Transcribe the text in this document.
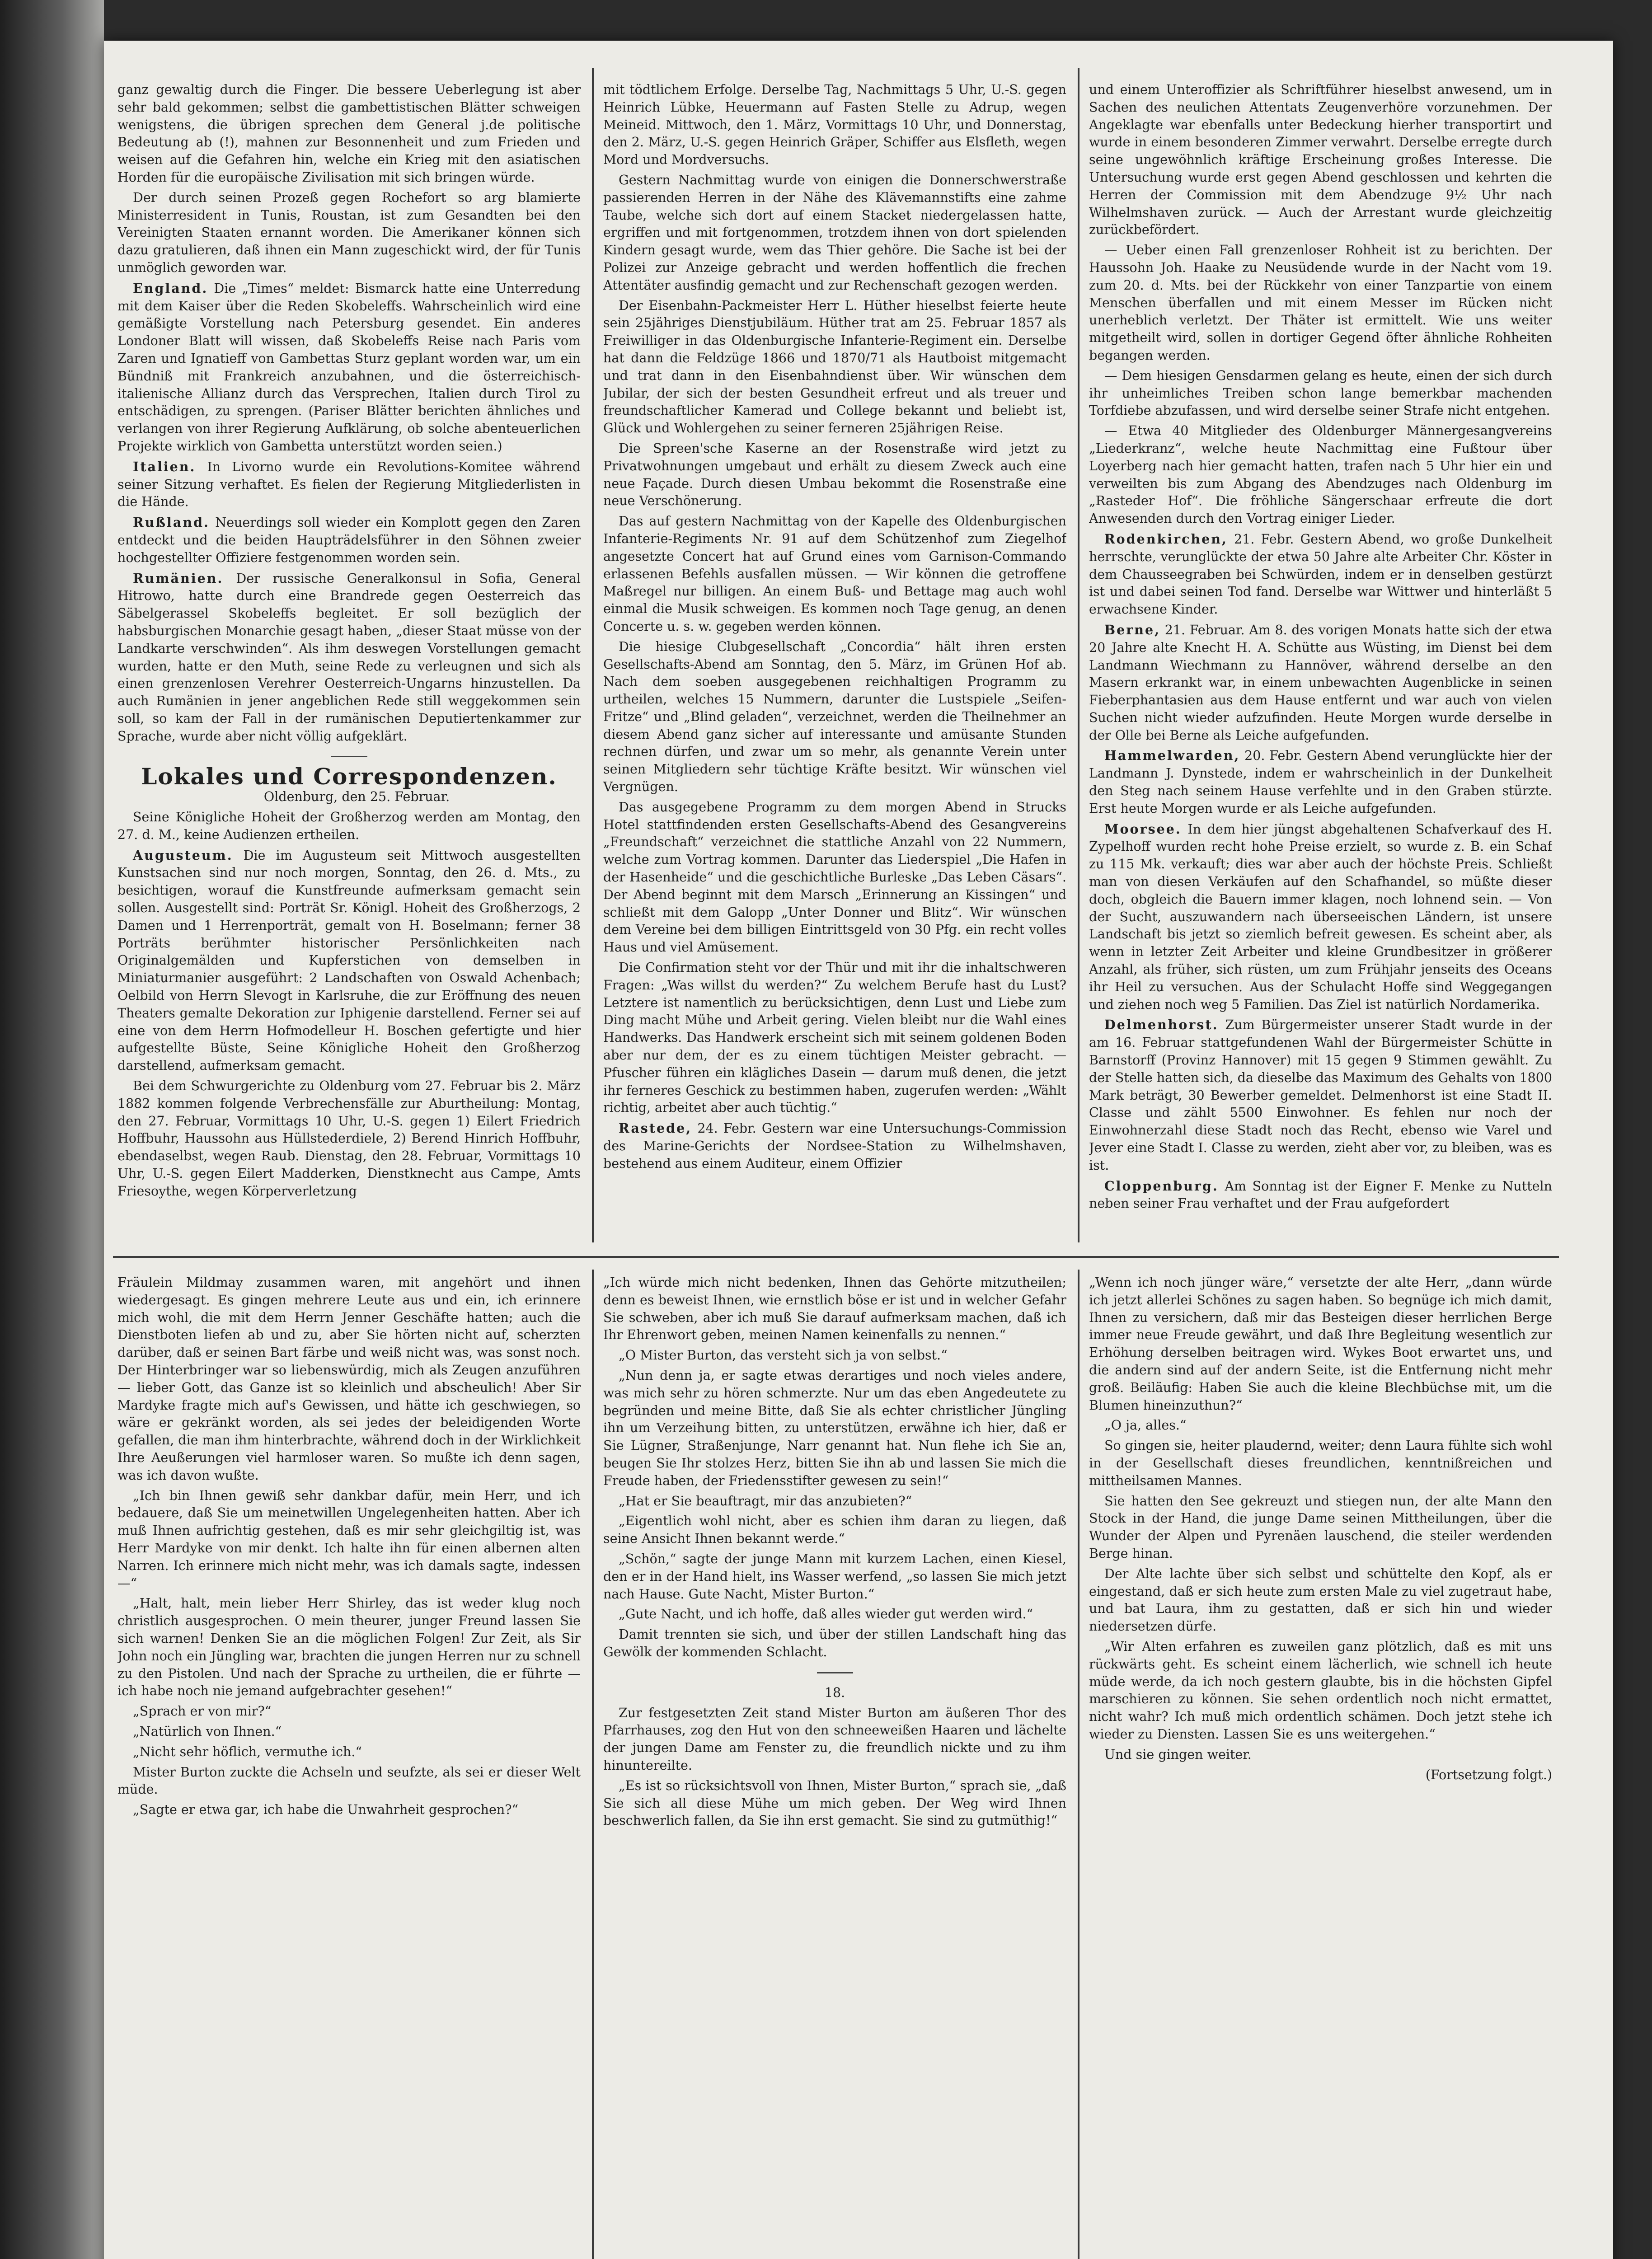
ganz gewaltig durch die Finger. Die bessere Ueberlegung ist aber sehr bald gekommen; selbst die gambettistischen Blätter schweigen wenigstens, die übrigen sprechen dem General j.de politische Bedeutung ab (!), mahnen zur Besonnenheit und zum Frieden und weisen auf die Gefahren hin, welche ein Krieg mit den asiatischen Horden für die europäische Zivilisation mit sich bringen würde.

Der durch seinen Prozeß gegen Rochefort so arg blamierte Ministerresident in Tunis, Roustan, ist zum Gesandten bei den Vereinigten Staaten ernannt worden. Die Amerikaner können sich dazu gratulieren, daß ihnen ein Mann zugeschickt wird, der für Tunis unmöglich geworden war.

England. Die „Times“ meldet: Bismarck hatte eine Unterredung mit dem Kaiser über die Reden Skobeleffs. Wahrscheinlich wird eine gemäßigte Vorstellung nach Petersburg gesendet. Ein anderes Londoner Blatt will wissen, daß Skobeleffs Reise nach Paris vom Zaren und Ignatieff von Gambettas Sturz geplant worden war, um ein Bündniß mit Frankreich anzubahnen, und die österreichisch-italienische Allianz durch das Versprechen, Italien durch Tirol zu entschädigen, zu sprengen. (Pariser Blätter berichten ähnliches und verlangen von ihrer Regierung Aufklärung, ob solche abenteuerlichen Projekte wirklich von Gambetta unterstützt worden seien.)

Italien. In Livorno wurde ein Revolutions-Komitee während seiner Sitzung verhaftet. Es fielen der Regierung Mitgliederlisten in die Hände.

Rußland. Neuerdings soll wieder ein Komplott gegen den Zaren entdeckt und die beiden Haupträdelsführer in den Söhnen zweier hochgestellter Offiziere festgenommen worden sein.

Rumänien. Der russische Generalkonsul in Sofia, General Hitrowo, hatte durch eine Brandrede gegen Oesterreich das Säbelgerassel Skobeleffs begleitet. Er soll bezüglich der habsburgischen Monarchie gesagt haben, „dieser Staat müsse von der Landkarte verschwinden“. Als ihm deswegen Vorstellungen gemacht wurden, hatte er den Muth, seine Rede zu verleugnen und sich als einen grenzenlosen Verehrer Oesterreich-Ungarns hinzustellen. Da auch Rumänien in jener angeblichen Rede still weggekommen sein soll, so kam der Fall in der rumänischen Deputiertenkammer zur Sprache, wurde aber nicht völlig aufgeklärt.

Lokales und Correspondenzen.

Oldenburg, den 25. Februar.

Seine Königliche Hoheit der Großherzog werden am Montag, den 27. d. M., keine Audienzen ertheilen.

Augusteum. Die im Augusteum seit Mittwoch ausgestellten Kunstsachen sind nur noch morgen, Sonntag, den 26. d. Mts., zu besichtigen, worauf die Kunstfreunde aufmerksam gemacht sein sollen. Ausgestellt sind: Porträt Sr. Königl. Hoheit des Großherzogs, 2 Damen und 1 Herrenporträt, gemalt von H. Boselmann; ferner 38 Porträts berühmter historischer Persönlichkeiten nach Originalgemälden und Kupferstichen von demselben in Miniaturmanier ausgeführt: 2 Landschaften von Oswald Achenbach; Oelbild von Herrn Slevogt in Karlsruhe, die zur Eröffnung des neuen Theaters gemalte Dekoration zur Iphigenie darstellend. Ferner sei auf eine von dem Herrn Hofmodelleur H. Boschen gefertigte und hier aufgestellte Büste, Seine Königliche Hoheit den Großherzog darstellend, aufmerksam gemacht.

Bei dem Schwurgerichte zu Oldenburg vom 27. Februar bis 2. März 1882 kommen folgende Verbrechensfälle zur Aburtheilung: Montag, den 27. Februar, Vormittags 10 Uhr, U.-S. gegen 1) Eilert Friedrich Hoffbuhr, Haussohn aus Hüllstederdiele, 2) Berend Hinrich Hoffbuhr, ebendaselbst, wegen Raub. Dienstag, den 28. Februar, Vormittags 10 Uhr, U.-S. gegen Eilert Madderken, Dienstknecht aus Campe, Amts Friesoythe, wegen Körperverletzung

mit tödtlichem Erfolge. Derselbe Tag, Nachmittags 5 Uhr, U.-S. gegen Heinrich Lübke, Heuermann auf Fasten Stelle zu Adrup, wegen Meineid. Mittwoch, den 1. März, Vormittags 10 Uhr, und Donnerstag, den 2. März, U.-S. gegen Heinrich Gräper, Schiffer aus Elsfleth, wegen Mord und Mordversuchs.

Gestern Nachmittag wurde von einigen die Donnerschwerstraße passierenden Herren in der Nähe des Klävemannstifts eine zahme Taube, welche sich dort auf einem Stacket niedergelassen hatte, ergriffen und mit fortgenommen, trotzdem ihnen von dort spielenden Kindern gesagt wurde, wem das Thier gehöre. Die Sache ist bei der Polizei zur Anzeige gebracht und werden hoffentlich die frechen Attentäter ausfindig gemacht und zur Rechenschaft gezogen werden.

Der Eisenbahn-Packmeister Herr L. Hüther hieselbst feierte heute sein 25jähriges Dienstjubiläum. Hüther trat am 25. Februar 1857 als Freiwilliger in das Oldenburgische Infanterie-Regiment ein. Derselbe hat dann die Feldzüge 1866 und 1870/71 als Hautboist mitgemacht und trat dann in den Eisenbahndienst über. Wir wünschen dem Jubilar, der sich der besten Gesundheit erfreut und als treuer und freundschaftlicher Kamerad und College bekannt und beliebt ist, Glück und Wohlergehen zu seiner ferneren 25jährigen Reise.

Die Spreen'sche Kaserne an der Rosenstraße wird jetzt zu Privatwohnungen umgebaut und erhält zu diesem Zweck auch eine neue Façade. Durch diesen Umbau bekommt die Rosenstraße eine neue Verschönerung.

Das auf gestern Nachmittag von der Kapelle des Oldenburgischen Infanterie-Regiments Nr. 91 auf dem Schützenhof zum Ziegelhof angesetzte Concert hat auf Grund eines vom Garnison-Commando erlassenen Befehls ausfallen müssen. — Wir können die getroffene Maßregel nur billigen. An einem Buß- und Bettage mag auch wohl einmal die Musik schweigen. Es kommen noch Tage genug, an denen Concerte u. s. w. gegeben werden können.

Die hiesige Clubgesellschaft „Concordia“ hält ihren ersten Gesellschafts-Abend am Sonntag, den 5. März, im Grünen Hof ab. Nach dem soeben ausgegebenen reichhaltigen Programm zu urtheilen, welches 15 Nummern, darunter die Lustspiele „Seifen-Fritze“ und „Blind geladen“, verzeichnet, werden die Theilnehmer an diesem Abend ganz sicher auf interessante und amüsante Stunden rechnen dürfen, und zwar um so mehr, als genannte Verein unter seinen Mitgliedern sehr tüchtige Kräfte besitzt. Wir wünschen viel Vergnügen.

Das ausgegebene Programm zu dem morgen Abend in Strucks Hotel stattfindenden ersten Gesellschafts-Abend des Gesangvereins „Freundschaft“ verzeichnet die stattliche Anzahl von 22 Nummern, welche zum Vortrag kommen. Darunter das Liederspiel „Die Hafen in der Hasenheide“ und die geschichtliche Burleske „Das Leben Cäsars“. Der Abend beginnt mit dem Marsch „Erinnerung an Kissingen“ und schließt mit dem Galopp „Unter Donner und Blitz“. Wir wünschen dem Vereine bei dem billigen Eintrittsgeld von 30 Pfg. ein recht volles Haus und viel Amüsement.

Die Confirmation steht vor der Thür und mit ihr die inhaltschweren Fragen: „Was willst du werden?“ Zu welchem Berufe hast du Lust? Letztere ist namentlich zu berücksichtigen, denn Lust und Liebe zum Ding macht Mühe und Arbeit gering. Vielen bleibt nur die Wahl eines Handwerks. Das Handwerk erscheint sich mit seinem goldenen Boden aber nur dem, der es zu einem tüchtigen Meister gebracht. — Pfuscher führen ein klägliches Dasein — darum muß denen, die jetzt ihr ferneres Geschick zu bestimmen haben, zugerufen werden: „Wählt richtig, arbeitet aber auch tüchtig.“

Rastede, 24. Febr. Gestern war eine Untersuchungs-Commission des Marine-Gerichts der Nordsee-Station zu Wilhelmshaven, bestehend aus einem Auditeur, einem Offizier

und einem Unteroffizier als Schriftführer hieselbst anwesend, um in Sachen des neulichen Attentats Zeugenverhöre vorzunehmen. Der Angeklagte war ebenfalls unter Bedeckung hierher transportirt und wurde in einem besonderen Zimmer verwahrt. Derselbe erregte durch seine ungewöhnlich kräftige Erscheinung großes Interesse. Die Untersuchung wurde erst gegen Abend geschlossen und kehrten die Herren der Commission mit dem Abendzuge 9½ Uhr nach Wilhelmshaven zurück. — Auch der Arrestant wurde gleichzeitig zurückbefördert.

— Ueber einen Fall grenzenloser Rohheit ist zu berichten. Der Haussohn Joh. Haake zu Neusüdende wurde in der Nacht vom 19. zum 20. d. Mts. bei der Rückkehr von einer Tanzpartie von einem Menschen überfallen und mit einem Messer im Rücken nicht unerheblich verletzt. Der Thäter ist ermittelt. Wie uns weiter mitgetheilt wird, sollen in dortiger Gegend öfter ähnliche Rohheiten begangen werden.

— Dem hiesigen Gensdarmen gelang es heute, einen der sich durch ihr unheimliches Treiben schon lange bemerkbar machenden Torfdiebe abzufassen, und wird derselbe seiner Strafe nicht entgehen.

— Etwa 40 Mitglieder des Oldenburger Männergesangvereins „Liederkranz“, welche heute Nachmittag eine Fußtour über Loyerberg nach hier gemacht hatten, trafen nach 5 Uhr hier ein und verweilten bis zum Abgang des Abendzuges nach Oldenburg im „Rasteder Hof“. Die fröhliche Sängerschaar erfreute die dort Anwesenden durch den Vortrag einiger Lieder.

Rodenkirchen, 21. Febr. Gestern Abend, wo große Dunkelheit herrschte, verunglückte der etwa 50 Jahre alte Arbeiter Chr. Köster in dem Chausseegraben bei Schwürden, indem er in denselben gestürzt ist und dabei seinen Tod fand. Derselbe war Wittwer und hinterläßt 5 erwachsene Kinder.

Berne, 21. Februar. Am 8. des vorigen Monats hatte sich der etwa 20 Jahre alte Knecht H. A. Schütte aus Wüsting, im Dienst bei dem Landmann Wiechmann zu Hannöver, während derselbe an den Masern erkrankt war, in einem unbewachten Augenblicke in seinen Fieberphantasien aus dem Hause entfernt und war auch von vielen Suchen nicht wieder aufzufinden. Heute Morgen wurde derselbe in der Olle bei Berne als Leiche aufgefunden.

Hammelwarden, 20. Febr. Gestern Abend verunglückte hier der Landmann J. Dynstede, indem er wahrscheinlich in der Dunkelheit den Steg nach seinem Hause verfehlte und in den Graben stürzte. Erst heute Morgen wurde er als Leiche aufgefunden.

Moorsee. In dem hier jüngst abgehaltenen Schafverkauf des H. Zypelhoff wurden recht hohe Preise erzielt, so wurde z. B. ein Schaf zu 115 Mk. verkauft; dies war aber auch der höchste Preis. Schließt man von diesen Verkäufen auf den Schafhandel, so müßte dieser doch, obgleich die Bauern immer klagen, noch lohnend sein. — Von der Sucht, auszuwandern nach überseeischen Ländern, ist unsere Landschaft bis jetzt so ziemlich befreit gewesen. Es scheint aber, als wenn in letzter Zeit Arbeiter und kleine Grundbesitzer in größerer Anzahl, als früher, sich rüsten, um zum Frühjahr jenseits des Oceans ihr Heil zu versuchen. Aus der Schulacht Hoffe sind Weggegangen und ziehen noch weg 5 Familien. Das Ziel ist natürlich Nordamerika.

Delmenhorst. Zum Bürgermeister unserer Stadt wurde in der am 16. Februar stattgefundenen Wahl der Bürgermeister Schütte in Barnstorff (Provinz Hannover) mit 15 gegen 9 Stimmen gewählt. Zu der Stelle hatten sich, da dieselbe das Maximum des Gehalts von 1800 Mark beträgt, 30 Bewerber gemeldet. Delmenhorst ist eine Stadt II. Classe und zählt 5500 Einwohner. Es fehlen nur noch der Einwohnerzahl diese Stadt noch das Recht, ebenso wie Varel und Jever eine Stadt I. Classe zu werden, zieht aber vor, zu bleiben, was es ist.

Cloppenburg. Am Sonntag ist der Eigner F. Menke zu Nutteln neben seiner Frau verhaftet und der Frau aufgefordert

Fräulein Mildmay zusammen waren, mit angehört und ihnen wiedergesagt. Es gingen mehrere Leute aus und ein, ich erinnere mich wohl, die mit dem Herrn Jenner Geschäfte hatten; auch die Dienstboten liefen ab und zu, aber Sie hörten nicht auf, scherzten darüber, daß er seinen Bart färbe und weiß nicht was, was sonst noch. Der Hinterbringer war so liebenswürdig, mich als Zeugen anzuführen — lieber Gott, das Ganze ist so kleinlich und abscheulich! Aber Sir Mardyke fragte mich auf's Gewissen, und hätte ich geschwiegen, so wäre er gekränkt worden, als sei jedes der beleidigenden Worte gefallen, die man ihm hinterbrachte, während doch in der Wirklichkeit Ihre Aeußerungen viel harmloser waren. So mußte ich denn sagen, was ich davon wußte.

„Ich bin Ihnen gewiß sehr dankbar dafür, mein Herr, und ich bedauere, daß Sie um meinetwillen Ungelegenheiten hatten. Aber ich muß Ihnen aufrichtig gestehen, daß es mir sehr gleichgiltig ist, was Herr Mardyke von mir denkt. Ich halte ihn für einen albernen alten Narren. Ich erinnere mich nicht mehr, was ich damals sagte, indessen —“

„Halt, halt, mein lieber Herr Shirley, das ist weder klug noch christlich ausgesprochen. O mein theurer, junger Freund lassen Sie sich warnen! Denken Sie an die möglichen Folgen! Zur Zeit, als Sir John noch ein Jüngling war, brachten die jungen Herren nur zu schnell zu den Pistolen. Und nach der Sprache zu urtheilen, die er führte — ich habe noch nie jemand aufgebrachter gesehen!“

„Sprach er von mir?“

„Natürlich von Ihnen.“

„Nicht sehr höflich, vermuthe ich.“

Mister Burton zuckte die Achseln und seufzte, als sei er dieser Welt müde.

„Sagte er etwa gar, ich habe die Unwahrheit gesprochen?“

„Ich würde mich nicht bedenken, Ihnen das Gehörte mitzutheilen; denn es beweist Ihnen, wie ernstlich böse er ist und in welcher Gefahr Sie schweben, aber ich muß Sie darauf aufmerksam machen, daß ich Ihr Ehrenwort geben, meinen Namen keinenfalls zu nennen.“

„O Mister Burton, das versteht sich ja von selbst.“

„Nun denn ja, er sagte etwas derartiges und noch vieles andere, was mich sehr zu hören schmerzte. Nur um das eben Angedeutete zu begründen und meine Bitte, daß Sie als echter christlicher Jüngling ihn um Verzeihung bitten, zu unterstützen, erwähne ich hier, daß er Sie Lügner, Straßenjunge, Narr genannt hat. Nun flehe ich Sie an, beugen Sie Ihr stolzes Herz, bitten Sie ihn ab und lassen Sie mich die Freude haben, der Friedensstifter gewesen zu sein!“

„Hat er Sie beauftragt, mir das anzubieten?“

„Eigentlich wohl nicht, aber es schien ihm daran zu liegen, daß seine Ansicht Ihnen bekannt werde.“

„Schön,“ sagte der junge Mann mit kurzem Lachen, einen Kiesel, den er in der Hand hielt, ins Wasser werfend, „so lassen Sie mich jetzt nach Hause. Gute Nacht, Mister Burton.“

„Gute Nacht, und ich hoffe, daß alles wieder gut werden wird.“

Damit trennten sie sich, und über der stillen Landschaft hing das Gewölk der kommenden Schlacht.

18.

Zur festgesetzten Zeit stand Mister Burton am äußeren Thor des Pfarrhauses, zog den Hut von den schneeweißen Haaren und lächelte der jungen Dame am Fenster zu, die freundlich nickte und zu ihm hinuntereilte.

„Es ist so rücksichtsvoll von Ihnen, Mister Burton,“ sprach sie, „daß Sie sich all diese Mühe um mich geben. Der Weg wird Ihnen beschwerlich fallen, da Sie ihn erst gemacht. Sie sind zu gutmüthig!“

„Wenn ich noch jünger wäre,“ versetzte der alte Herr, „dann würde ich jetzt allerlei Schönes zu sagen haben. So begnüge ich mich damit, Ihnen zu versichern, daß mir das Besteigen dieser herrlichen Berge immer neue Freude gewährt, und daß Ihre Begleitung wesentlich zur Erhöhung derselben beitragen wird. Wykes Boot erwartet uns, und die andern sind auf der andern Seite, ist die Entfernung nicht mehr groß. Beiläufig: Haben Sie auch die kleine Blechbüchse mit, um die Blumen hineinzuthun?“

„O ja, alles.“

So gingen sie, heiter plaudernd, weiter; denn Laura fühlte sich wohl in der Gesellschaft dieses freundlichen, kenntnißreichen und mittheilsamen Mannes.

Sie hatten den See gekreuzt und stiegen nun, der alte Mann den Stock in der Hand, die junge Dame seinen Mittheilungen, über die Wunder der Alpen und Pyrenäen lauschend, die steiler werdenden Berge hinan.

Der Alte lachte über sich selbst und schüttelte den Kopf, als er eingestand, daß er sich heute zum ersten Male zu viel zugetraut habe, und bat Laura, ihm zu gestatten, daß er sich hin und wieder niedersetzen dürfe.

„Wir Alten erfahren es zuweilen ganz plötzlich, daß es mit uns rückwärts geht. Es scheint einem lächerlich, wie schnell ich heute müde werde, da ich noch gestern glaubte, bis in die höchsten Gipfel marschieren zu können. Sie sehen ordentlich noch nicht ermattet, nicht wahr? Ich muß mich ordentlich schämen. Doch jetzt stehe ich wieder zu Diensten. Lassen Sie es uns weitergehen.“

Und sie gingen weiter.

(Fortsetzung folgt.)
